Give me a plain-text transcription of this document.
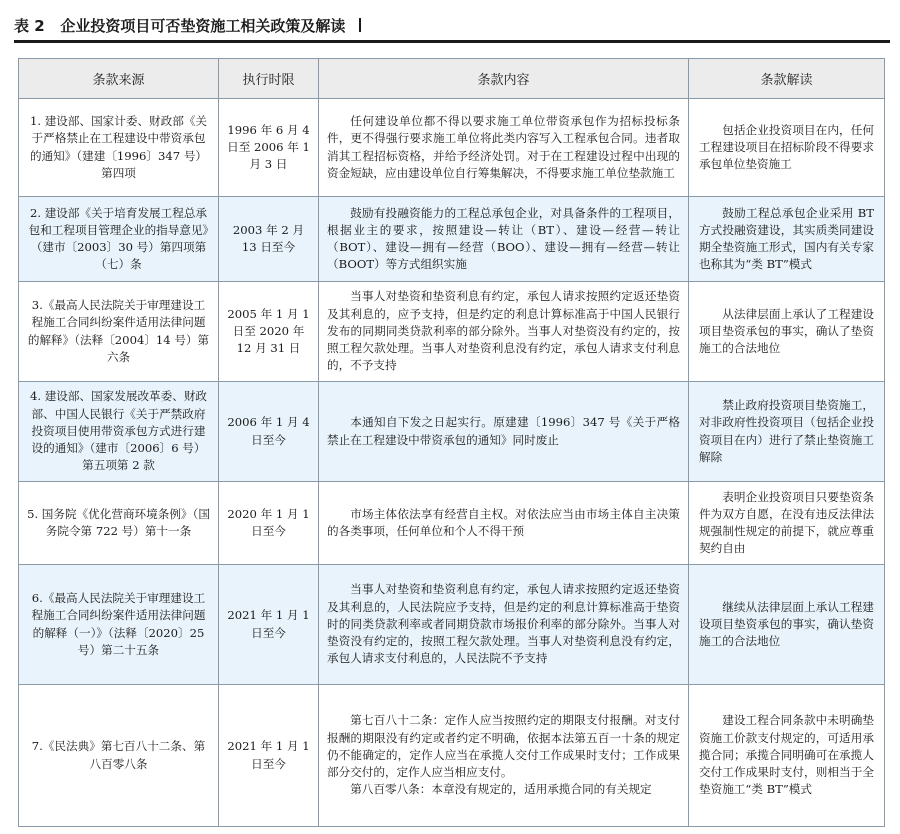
表 2 企业投资项目可否垫资施工相关政策及解读
条款来源	执行时限	条款内容	条款解读
1. 建设部、国家计委、财政部《关于严格禁止在工程建设中带资承包的通知》（建建〔1996〕347 号）第四项	1996 年 6 月 4 日至 2006 年 1 月 3 日	任何建设单位都不得以要求施工单位带资承包作为招标投标条件，更不得强行要求施工单位将此类内容写入工程承包合同。违者取消其工程招标资格，并给予经济处罚。对于在工程建设过程中出现的资金短缺，应由建设单位自行筹集解决，不得要求施工单位垫款施工	包括企业投资项目在内，任何工程建设项目在招标阶段不得要求承包单位垫资施工

2. 建设部《关于培育发展工程总承包和工程项目管理企业的指导意见》（建市〔2003〕30 号）第四项第（七）条	2003 年 2 月 13 日至今	鼓励有投融资能力的工程总承包企业，对具备条件的工程项目，根据业主的要求，按照建设—转让（BT）、建设—经营—转让（BOT）、建设—拥有—经营（BOO）、建设—拥有—经营—转让（BOOT）等方式组织实施	鼓励工程总承包企业采用 BT 方式投融资建设，其实质类同建设期全垫资施工形式，国内有关专家也称其为“类 BT”模式

3.《最高人民法院关于审理建设工程施工合同纠纷案件适用法律问题的解释》（法释〔2004〕14 号）第六条	2005 年 1 月 1 日至 2020 年 12 月 31 日	当事人对垫资和垫资利息有约定，承包人请求按照约定返还垫资及其利息的，应予支持，但是约定的利息计算标准高于中国人民银行发布的同期同类贷款利率的部分除外。当事人对垫资没有约定的，按照工程欠款处理。当事人对垫资利息没有约定，承包人请求支付利息的，不予支持	从法律层面上承认了工程建设项目垫资承包的事实，确认了垫资施工的合法地位

4. 建设部、国家发展改革委、财政部、中国人民银行《关于严禁政府投资项目使用带资承包方式进行建设的通知》（建市〔2006〕6 号）第五项第 2 款	2006 年 1 月 4 日至今	本通知自下发之日起实行。原建建〔1996〕347 号《关于严格禁止在工程建设中带资承包的通知》同时废止	禁止政府投资项目垫资施工，对非政府性投资项目（包括企业投资项目在内）进行了禁止垫资施工解除

5. 国务院《优化营商环境条例》（国务院令第 722 号）第十一条	2020 年 1 月 1 日至今	市场主体依法享有经营自主权。对依法应当由市场主体自主决策的各类事项，任何单位和个人不得干预	表明企业投资项目只要垫资条件为双方自愿，在没有违反法律法规强制性规定的前提下，就应尊重契约自由

6.《最高人民法院关于审理建设工程施工合同纠纷案件适用法律问题的解释（一）》（法释〔2020〕25 号）第二十五条	2021 年 1 月 1 日至今	当事人对垫资和垫资利息有约定，承包人请求按照约定返还垫资及其利息的，人民法院应予支持，但是约定的利息计算标准高于垫资时的同类贷款利率或者同期贷款市场报价利率的部分除外。当事人对垫资没有约定的，按照工程欠款处理。当事人对垫资利息没有约定，承包人请求支付利息的，人民法院不予支持	继续从法律层面上承认工程建设项目垫资承包的事实，确认垫资施工的合法地位

7.《民法典》第七百八十二条、第八百零八条	2021 年 1 月 1 日至今	第七百八十二条：定作人应当按照约定的期限支付报酬。对支付报酬的期限没有约定或者约定不明确，依据本法第五百一十条的规定仍不能确定的，定作人应当在承揽人交付工作成果时支付；工作成果部分交付的，定作人应当相应支付。
第八百零八条：本章没有规定的，适用承揽合同的有关规定	建设工程合同条款中未明确垫资施工价款支付规定的，可适用承揽合同；承揽合同明确可在承揽人交付工作成果时支付，则相当于全垫资施工“类 BT”模式
